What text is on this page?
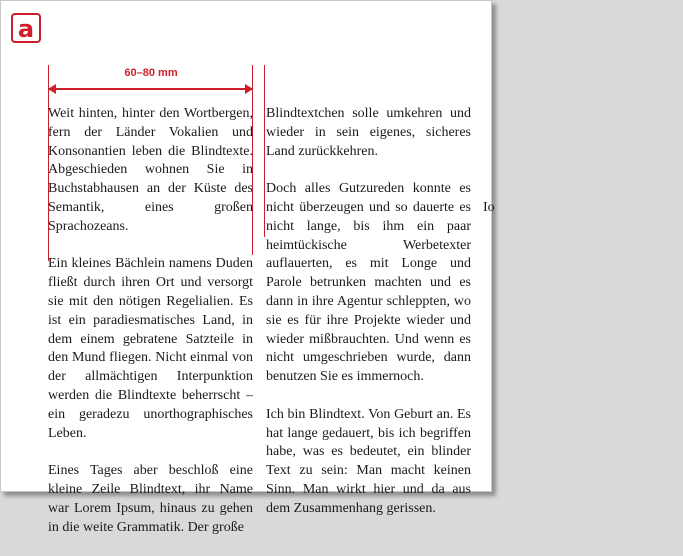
a
60–80 mm

Weit hinten, hinter den Wortbergen, fern der Länder Vokalien und Konsonantien leben die Blindtexte. Abgeschieden wohnen Sie in Buchstabhausen an der Küste des Semantik, eines großen Sprachozeans.

Ein kleines Bächlein namens Duden fließt durch ihren Ort und versorgt sie mit den nötigen Regelialien. Es ist ein paradiesmatisches Land, in dem einem gebratene Satzteile in den Mund fliegen. Nicht einmal von der allmächtigen Interpunktion werden die Blindtexte beherrscht – ein geradezu unorthographisches Leben.

Eines Tages aber beschloß eine kleine Zeile Blindtext, ihr Name war Lorem Ipsum, hinaus zu gehen in die weite Grammatik. Der große

Blindtextchen solle umkehren und wieder in sein eigenes, sicheres Land zurückkehren.

Doch alles Gutzureden konnte es nicht überzeugen und so dauerte es nicht lange, bis ihm ein paar heimtückische Werbetexter auflauerten, es mit Longe und Parole betrunken machten und es dann in ihre Agentur schleppten, wo sie es für ihre Projekte wieder und wieder mißbrauchten. Und wenn es nicht umgeschrieben wurde, dann benutzen Sie es immernoch.

Ich bin Blindtext. Von Geburt an. Es hat lange gedauert, bis ich begriffen habe, was es bedeutet, ein blinder Text zu sein: Man macht keinen Sinn. Man wirkt hier und da aus dem Zusammenhang gerissen.

Io
